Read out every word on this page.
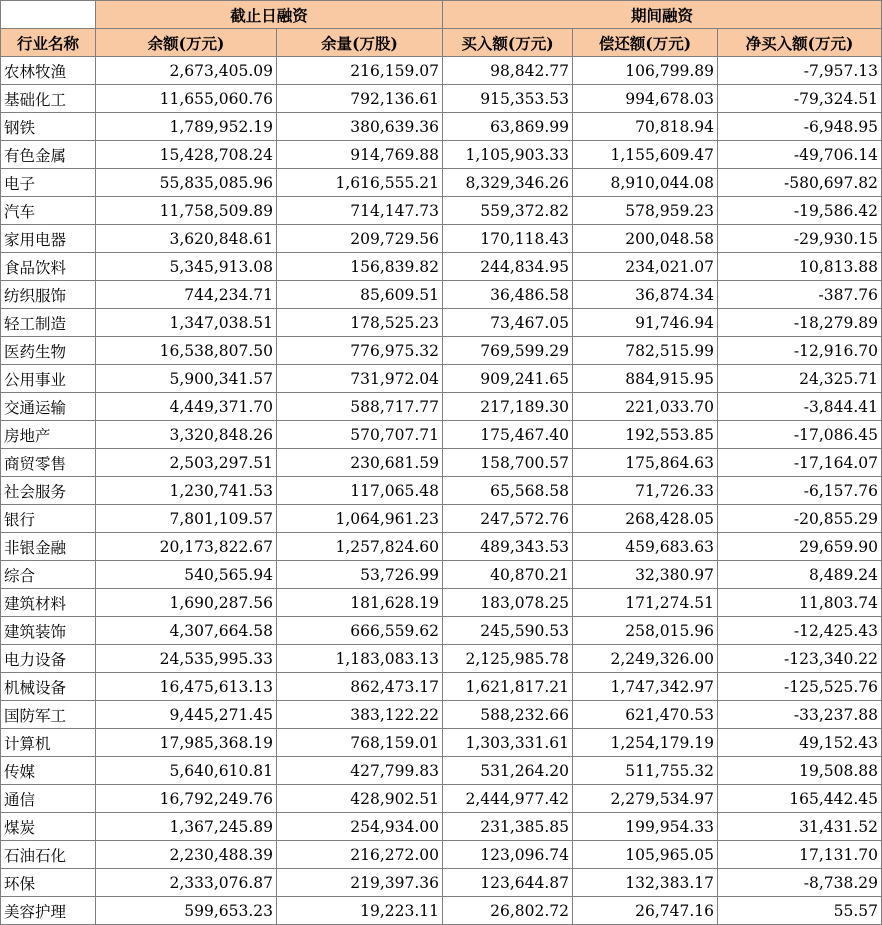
	截止日融资		期间融资		
行业名称	余额(万元)	余量(万股)	买入额(万元)	偿还额(万元)	净买入额(万元)
农林牧渔	2,673,405.09	216,159.07	98,842.77	106,799.89	-7,957.13
基础化工	11,655,060.76	792,136.61	915,353.53	994,678.03	-79,324.51
钢铁	1,789,952.19	380,639.36	63,869.99	70,818.94	-6,948.95
有色金属	15,428,708.24	914,769.88	1,105,903.33	1,155,609.47	-49,706.14
电子	55,835,085.96	1,616,555.21	8,329,346.26	8,910,044.08	-580,697.82
汽车	11,758,509.89	714,147.73	559,372.82	578,959.23	-19,586.42
家用电器	3,620,848.61	209,729.56	170,118.43	200,048.58	-29,930.15
食品饮料	5,345,913.08	156,839.82	244,834.95	234,021.07	10,813.88
纺织服饰	744,234.71	85,609.51	36,486.58	36,874.34	-387.76
轻工制造	1,347,038.51	178,525.23	73,467.05	91,746.94	-18,279.89
医药生物	16,538,807.50	776,975.32	769,599.29	782,515.99	-12,916.70
公用事业	5,900,341.57	731,972.04	909,241.65	884,915.95	24,325.71
交通运输	4,449,371.70	588,717.77	217,189.30	221,033.70	-3,844.41
房地产	3,320,848.26	570,707.71	175,467.40	192,553.85	-17,086.45
商贸零售	2,503,297.51	230,681.59	158,700.57	175,864.63	-17,164.07
社会服务	1,230,741.53	117,065.48	65,568.58	71,726.33	-6,157.76
银行	7,801,109.57	1,064,961.23	247,572.76	268,428.05	-20,855.29
非银金融	20,173,822.67	1,257,824.60	489,343.53	459,683.63	29,659.90
综合	540,565.94	53,726.99	40,870.21	32,380.97	8,489.24
建筑材料	1,690,287.56	181,628.19	183,078.25	171,274.51	11,803.74
建筑装饰	4,307,664.58	666,559.62	245,590.53	258,015.96	-12,425.43
电力设备	24,535,995.33	1,183,083.13	2,125,985.78	2,249,326.00	-123,340.22
机械设备	16,475,613.13	862,473.17	1,621,817.21	1,747,342.97	-125,525.76
国防军工	9,445,271.45	383,122.22	588,232.66	621,470.53	-33,237.88
计算机	17,985,368.19	768,159.01	1,303,331.61	1,254,179.19	49,152.43
传媒	5,640,610.81	427,799.83	531,264.20	511,755.32	19,508.88
通信	16,792,249.76	428,902.51	2,444,977.42	2,279,534.97	165,442.45
煤炭	1,367,245.89	254,934.00	231,385.85	199,954.33	31,431.52
石油石化	2,230,488.39	216,272.00	123,096.74	105,965.05	17,131.70
环保	2,333,076.87	219,397.36	123,644.87	132,383.17	-8,738.29
美容护理	599,653.23	19,223.11	26,802.72	26,747.16	55.57
